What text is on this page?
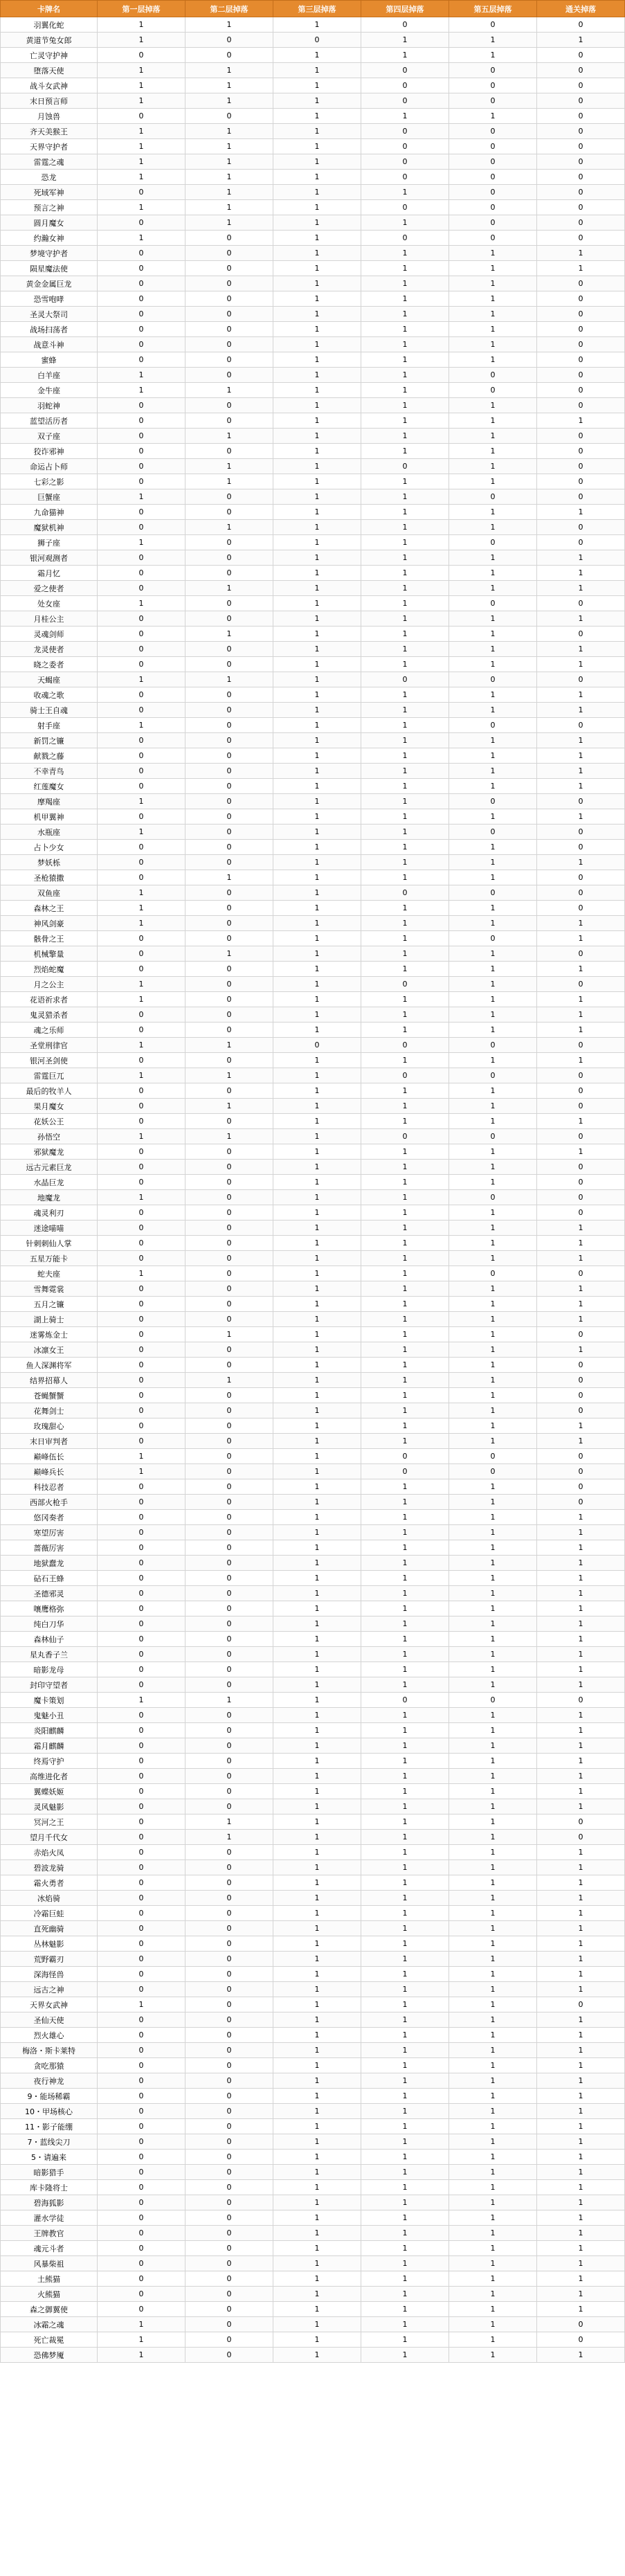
卡牌名	第一层掉落	第二层掉落	第三层掉落	第四层掉落	第五层掉落	通关掉落
羽翼化蛇	1	1	1	0	0	0
黄道节兔女郎	1	0	0	1	1	1
亡灵守护神	0	0	1	1	1	0
堕落天使	1	1	1	0	0	0
战斗女武神	1	1	1	0	0	0
末日预言师	1	1	1	0	0	0
月蚀兽	0	0	1	1	1	0
齐天美猴王	1	1	1	0	0	0
天界守护者	1	1	1	0	0	0
雷霆之魂	1	1	1	0	0	0
恐龙	1	1	1	0	0	0
死域军神	0	1	1	1	0	0
预言之神	1	1	1	0	0	0
圆月魔女	0	1	1	1	0	0
约瀚女神	1	0	1	0	0	0
梦境守护者	0	0	1	1	1	1
陨星魔法使	0	0	1	1	1	1
黄金金属巨龙	0	0	1	1	1	0
恐雪咆哮	0	0	1	1	1	0
圣灵大祭司	0	0	1	1	1	0
战场扫荡者	0	0	1	1	1	0
战意斗神	0	0	1	1	1	0
蜜蜂	0	0	1	1	1	0
白羊座	1	0	1	1	0	0
金牛座	1	1	1	1	0	0
羽蛇神	0	0	1	1	1	0
蓝望活历者	0	0	1	1	1	1
双子座	0	1	1	1	1	0
狡诈邪神	0	0	1	1	1	0
命运占卜师	0	1	1	0	1	0
七彩之影	0	1	1	1	1	0
巨蟹座	1	0	1	1	0	0
九命猫神	0	0	1	1	1	1
魔狱机神	0	1	1	1	1	0
狮子座	1	0	1	1	0	0
银河观测者	0	0	1	1	1	1
霜月忆	0	0	1	1	1	1
爱之使者	0	1	1	1	1	1
处女座	1	0	1	1	0	0
月桂公主	0	0	1	1	1	1
灵魂剑师	0	1	1	1	1	0
龙灵使者	0	0	1	1	1	1
晓之委者	0	0	1	1	1	1
天蝎座	1	1	1	0	0	0
收魂之歌	0	0	1	1	1	1
骑士王自魂	0	0	1	1	1	1
射手座	1	0	1	1	0	0
新罚之镰	0	0	1	1	1	1
献戮之藤	0	0	1	1	1	1
不幸青鸟	0	0	1	1	1	1
红莲魔女	0	0	1	1	1	1
摩羯座	1	0	1	1	0	0
机甲翼神	0	0	1	1	1	1
水瓶座	1	0	1	1	0	0
占卜少女	0	0	1	1	1	0
梦妖栎	0	0	1	1	1	1
圣枪猿撒	0	1	1	1	1	0
双鱼座	1	0	1	0	0	0
森林之王	1	0	1	1	1	0
神风剑豪	1	0	1	1	1	1
骸骨之王	0	0	1	1	0	1
机械擎量	0	1	1	1	1	0
烈焰蛇魔	0	0	1	1	1	1
月之公主	1	0	1	0	1	0
花语祈求者	1	0	1	1	1	1
鬼灵猎杀者	0	0	1	1	1	1
魂之乐师	0	0	1	1	1	1
圣堂刑律官	1	1	0	0	0	0
银河圣剑使	0	0	1	1	1	1
雷霆巨兀	1	1	1	0	0	0
最后的牧羊人	0	0	1	1	1	0
果月魔女	0	1	1	1	1	0
花妖公王	0	0	1	1	1	1
孙悟空	1	1	1	0	0	0
邪狱魔龙	0	0	1	1	1	1
远古元素巨龙	0	0	1	1	1	0
水晶巨龙	0	0	1	1	1	0
地魔龙	1	0	1	1	0	0
魂灵利刃	0	0	1	1	1	0
迷途喵喵	0	0	1	1	1	1
针刺刺仙人掌	0	0	1	1	1	1
五星万能卡	0	0	1	1	1	1
蛇夫座	1	0	1	1	0	0
雪舞霓裳	0	0	1	1	1	1
五月之镰	0	0	1	1	1	1
湖上骑士	0	0	1	1	1	1
迷雾炼金士	0	1	1	1	1	0
冰凛女王	0	0	1	1	1	1
鱼人深渊将军	0	0	1	1	1	0
结界招幕人	0	1	1	1	1	0
苍蝇蟹蟹	0	0	1	1	1	0
花舞剑士	0	0	1	1	1	0
玫瑰甜心	0	0	1	1	1	1
末日审判者	0	0	1	1	1	1
巅峰伍长	1	0	1	0	0	0
巅峰兵长	1	0	1	0	0	0
科技忍者	0	0	1	1	1	0
西部火枪手	0	0	1	1	1	0
悠冈奏者	0	0	1	1	1	1
寒望厉害	0	0	1	1	1	1
蔷薇厉害	0	0	1	1	1	1
地狱蠢龙	0	0	1	1	1	1
砧石王蜂	0	0	1	1	1	1
圣德邪灵	0	0	1	1	1	1
嚷鹰格弥	0	0	1	1	1	1
纯白刀华	0	0	1	1	1	1
森林仙子	0	0	1	1	1	1
星丸香子兰	0	0	1	1	1	1
暗影龙母	0	0	1	1	1	1
封印守望者	0	0	1	1	1	1
魔卡策划	1	1	1	0	0	0
鬼魅小丑	0	0	1	1	1	1
炎阳麒麟	0	0	1	1	1	1
霜月麒麟	0	0	1	1	1	1
终焉守护	0	0	1	1	1	1
高维进化者	0	0	1	1	1	1
翼蝶妖姬	0	0	1	1	1	1
灵风魅影	0	0	1	1	1	1
冥河之王	0	1	1	1	1	0
望月千代女	0	1	1	1	1	0
赤焰火凤	0	0	1	1	1	1
碧波龙骑	0	0	1	1	1	1
霜火勇者	0	0	1	1	1	1
冰焰骑	0	0	1	1	1	1
冷霜巨蛙	0	0	1	1	1	1
直死幽骑	0	0	1	1	1	1
丛林魅影	0	0	1	1	1	1
荒野霸刃	0	0	1	1	1	1
深海怪兽	0	0	1	1	1	1
远古之神	0	0	1	1	1	1
天界女武神	1	0	1	1	1	0
圣仙天使	0	0	1	1	1	1
烈火雄心	0	0	1	1	1	1
梅洛・斯卡莱特	0	0	1	1	1	1
贪吃那猿	0	0	1	1	1	1
夜行神龙	0	0	1	1	1	1
9・能场稀霸	0	0	1	1	1	1
10・甲场核心	0	0	1	1	1	1
11・影子能绷	0	0	1	1	1	1
7・蓝线尖刀	0	0	1	1	1	1
5・请遍来	0	0	1	1	1	1
暗影猎手	0	0	1	1	1	1
库卡隆将士	0	0	1	1	1	1
碧海狐影	0	0	1	1	1	1
灌水学徒	0	0	1	1	1	1
王牌教官	0	0	1	1	1	1
魂元斗者	0	0	1	1	1	1
风暴柴祖	0	0	1	1	1	1
土熊猫	0	0	1	1	1	1
火熊猫	0	0	1	1	1	1
森之御翼使	0	0	1	1	1	1
冰霜之魂	1	0	1	1	1	0
死亡裁冕	1	0	1	1	1	0
恐佛梦魇	1	0	1	1	1	1
